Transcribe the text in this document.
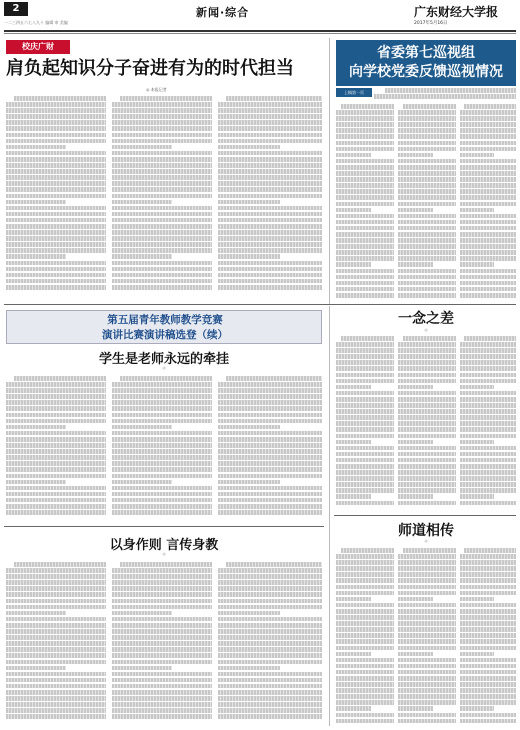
2
一二三四五六七八九十 编辑 审 美编
新闻·综合	广东财经大学报
2017年5月16日
校庆广财
肩负起知识分子奋进有为的时代担当
◎ 本报记者
省委第七巡视组
向学校党委反馈巡视情况
上稿第一页
第五届青年教师教学竞赛
演讲比赛演讲稿选登（续）
学生是老师永远的牵挂
◎
一念之差
◎
以身作则 言传身教
◎
师道相传
◎
